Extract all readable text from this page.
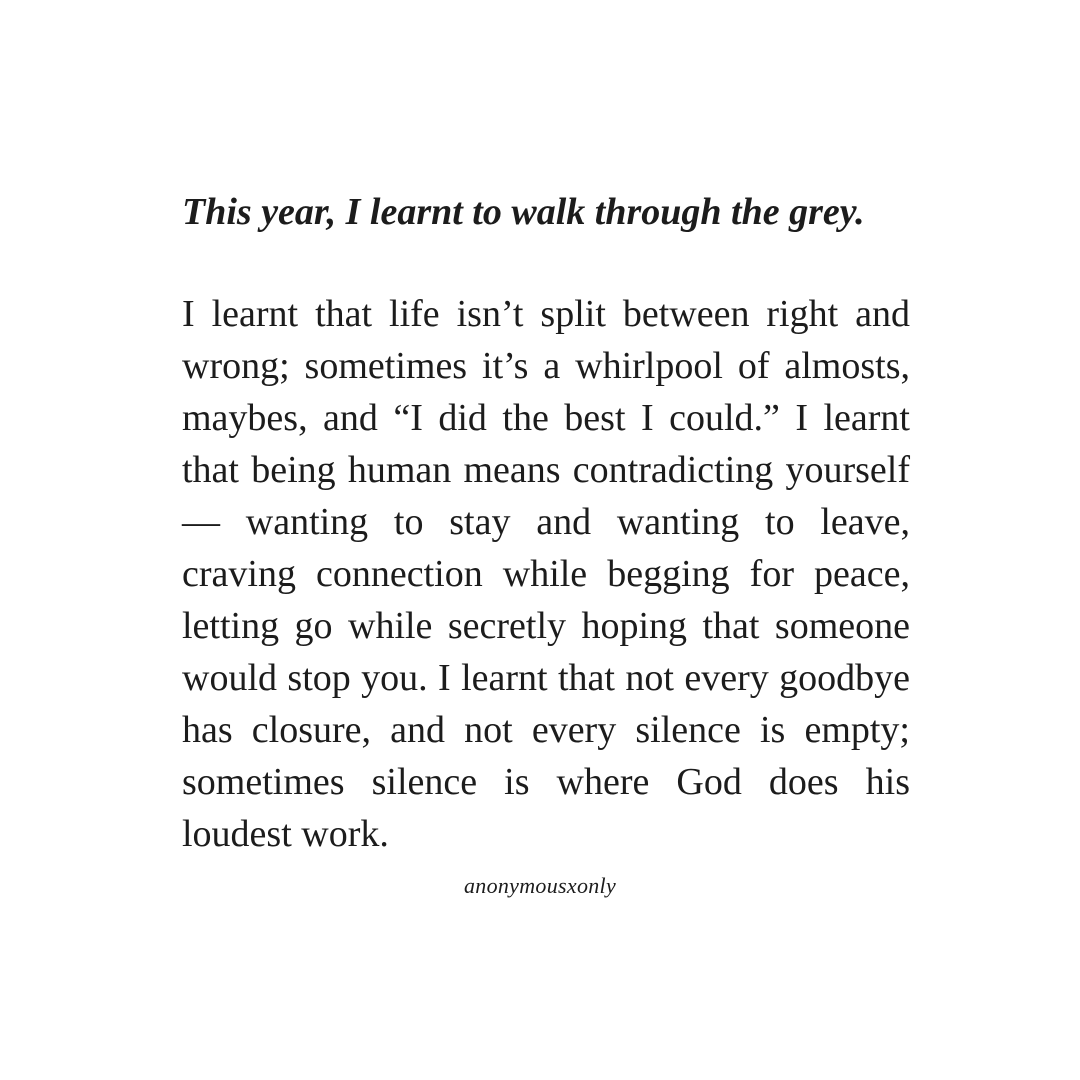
This year, I learnt to walk through the grey.

I learnt that life isn’t split between right and wrong; sometimes it’s a whirlpool of almosts, maybes, and “I did the best I could.” I learnt that being human means contradicting yourself — wanting to stay and wanting to leave, craving connection while begging for peace, letting go while secretly hoping that someone would stop you. I learnt that not every goodbye has closure, and not every silence is empty; sometimes silence is where God does his loudest work.

anonymousxonly
